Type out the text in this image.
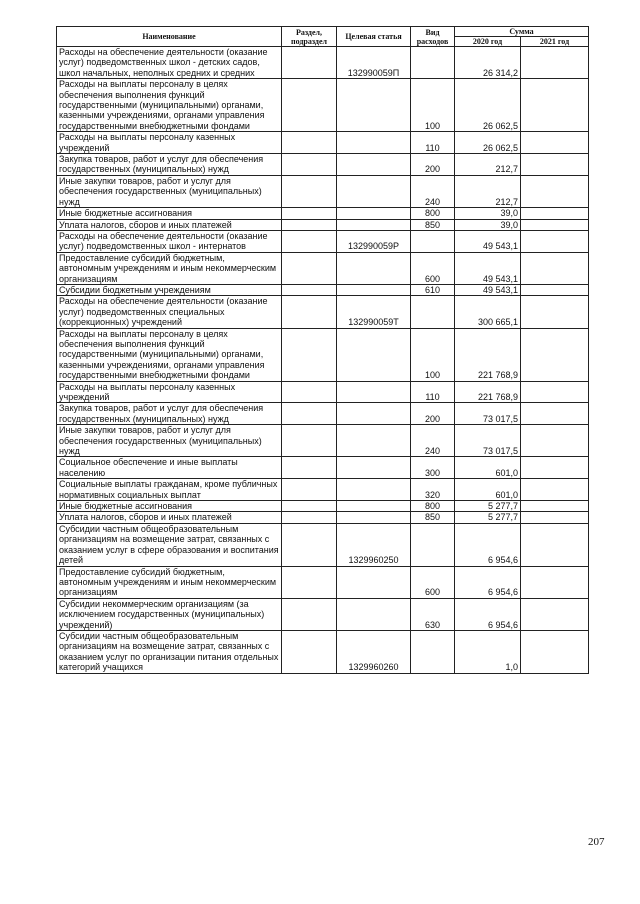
Наименование	Раздел, подраздел	Целевая статья	Вид расходов	Сумма	
				2020 год	2021 год
Расходы на обеспечение деятельности (оказание услуг) подведомственных школ - детских садов, школ начальных, неполных средних и средних		132990059П		26 314,2	
Расходы на выплаты персоналу в целях обеспечения выполнения функций государственными (муниципальными) органами, казенными учреждениями, органами управления государственными внебюджетными фондами			100	26 062,5	
Расходы на выплаты персоналу казенных учреждений			110	26 062,5	
Закупка товаров, работ и услуг для обеспечения государственных (муниципальных) нужд			200	212,7	
Иные закупки товаров, работ и услуг для обеспечения государственных (муниципальных) нужд			240	212,7	
Иные бюджетные ассигнования			800	39,0	
Уплата налогов, сборов и иных платежей			850	39,0	
Расходы на обеспечение деятельности (оказание услуг) подведомственных школ - интернатов		132990059Р		49 543,1	
Предоставление субсидий бюджетным, автономным учреждениям и иным некоммерческим организациям			600	49 543,1	
Субсидии бюджетным учреждениям			610	49 543,1	
Расходы на обеспечение деятельности (оказание услуг) подведомственных специальных (коррекционных) учреждений		132990059Т		300 665,1	
Расходы на выплаты персоналу в целях обеспечения выполнения функций государственными (муниципальными) органами, казенными учреждениями, органами управления государственными внебюджетными фондами			100	221 768,9	
Расходы на выплаты персоналу казенных учреждений			110	221 768,9	
Закупка товаров, работ и услуг для обеспечения государственных (муниципальных) нужд			200	73 017,5	
Иные закупки товаров, работ и услуг для обеспечения государственных (муниципальных) нужд			240	73 017,5	
Социальное обеспечение и иные выплаты населению			300	601,0	
Социальные выплаты гражданам, кроме публичных нормативных социальных выплат			320	601,0	
Иные бюджетные ассигнования			800	5 277,7	
Уплата налогов, сборов и иных платежей			850	5 277,7	
Субсидии частным общеобразовательным организациям на возмещение затрат, связанных с оказанием услуг в сфере образования и воспитания детей		1329960250		6 954,6	
Предоставление субсидий бюджетным, автономным учреждениям и иным некоммерческим организациям			600	6 954,6	
Субсидии некоммерческим организациям (за исключением государственных (муниципальных) учреждений)			630	6 954,6	
Субсидии частным общеобразовательным организациям на возмещение затрат, связанных с оказанием услуг по организации питания отдельных категорий учащихся		1329960260		1,0	
207
